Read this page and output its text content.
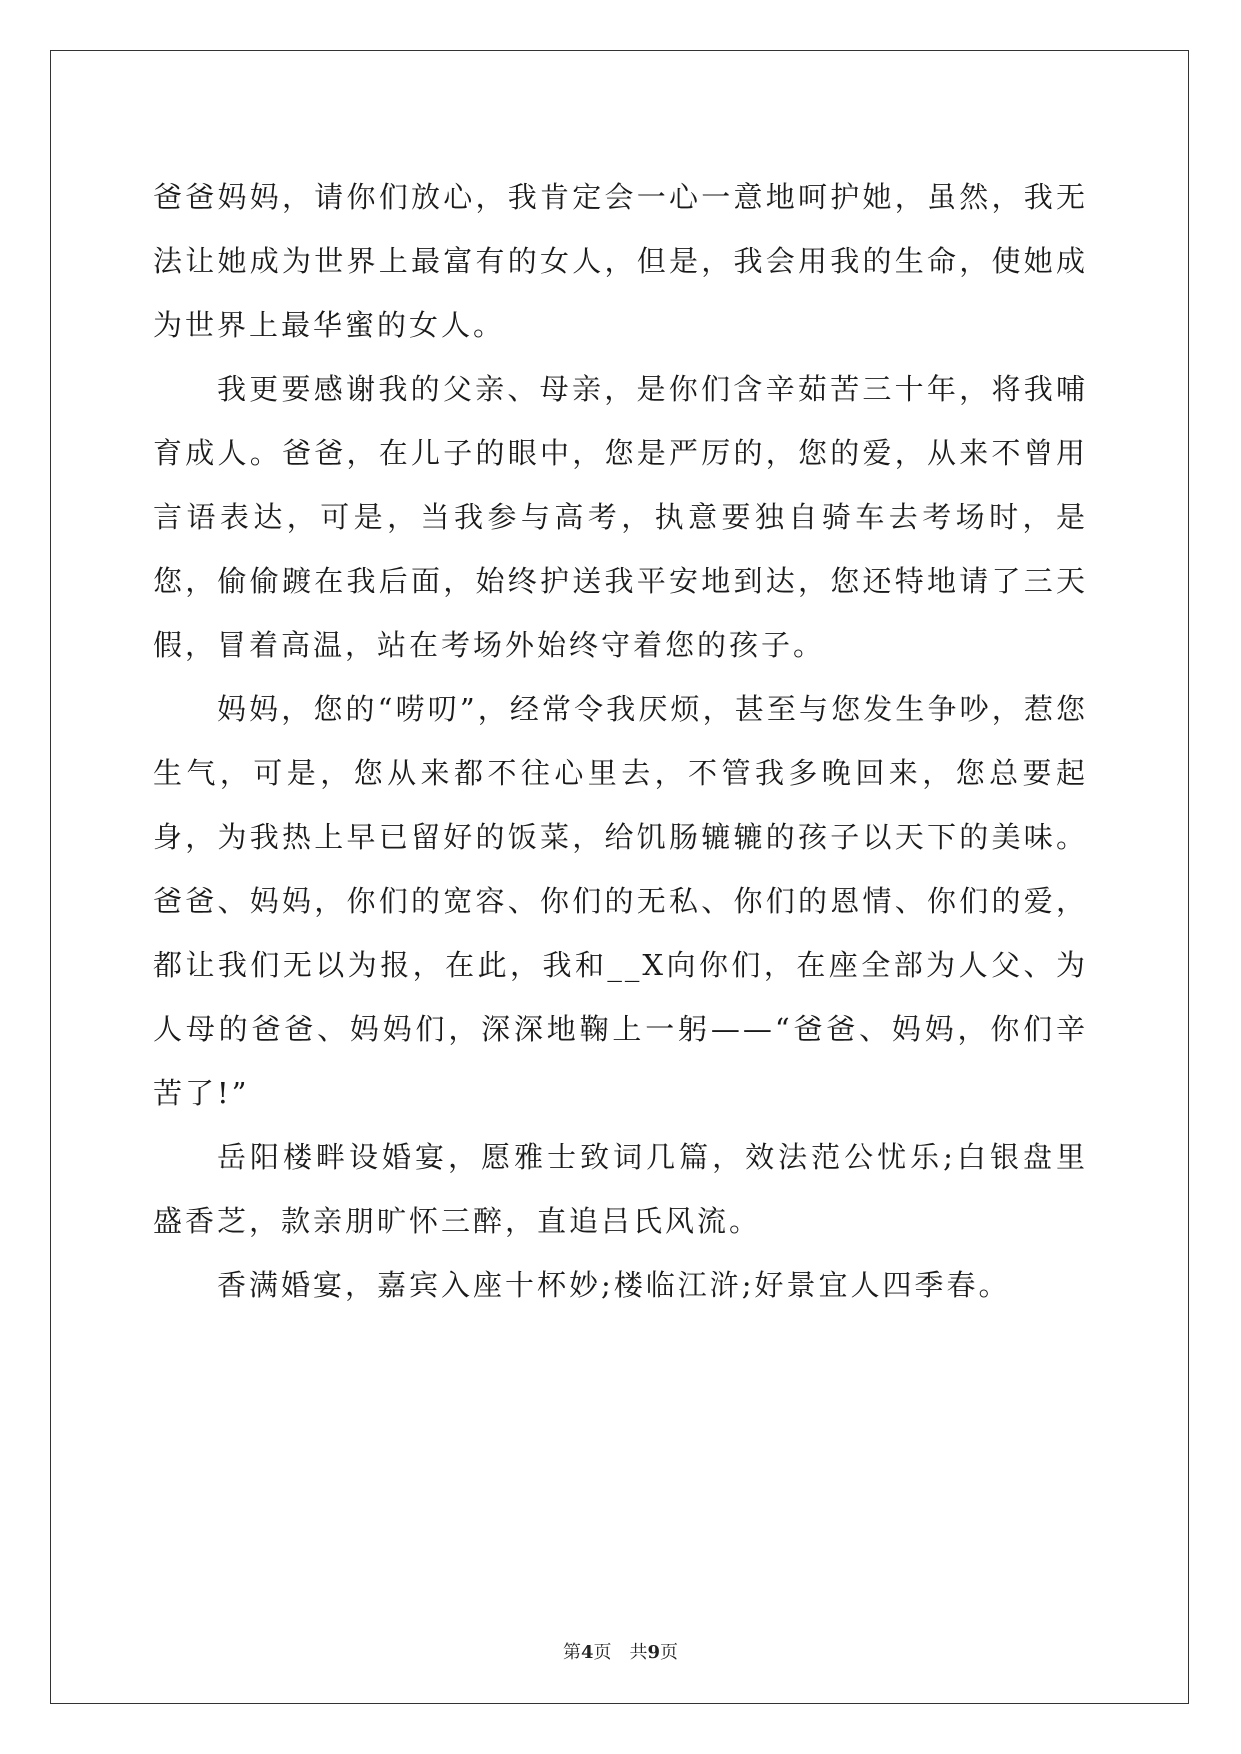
爸爸妈妈，请你们放心，我肯定会一心一意地呵护她，虽然，我无法让她成为世界上最富有的女人，但是，我会用我的生命，使她成为世界上最华蜜的女人。

我更要感谢我的父亲、母亲，是你们含辛茹苦三十年，将我哺育成人。爸爸，在儿子的眼中，您是严厉的，您的爱，从来不曾用言语表达，可是，当我参与高考，执意要独自骑车去考场时，是您，偷偷踱在我后面，始终护送我平安地到达，您还特地请了三天假，冒着高温，站在考场外始终守着您的孩子。

妈妈，您的“唠叨”，经常令我厌烦，甚至与您发生争吵，惹您生气，可是，您从来都不往心里去，不管我多晚回来，您总要起身，为我热上早已留好的饭菜，给饥肠辘辘的孩子以天下的美味。爸爸、妈妈，你们的宽容、你们的无私、你们的恩情、你们的爱，都让我们无以为报，在此，我和__X向你们，在座全部为人父、为人母的爸爸、妈妈们，深深地鞠上一躬——“爸爸、妈妈，你们辛苦了!”

岳阳楼畔设婚宴，愿雅士致词几篇，效法范公忧乐;白银盘里盛香芝，款亲朋旷怀三醉，直追吕氏风流。

香满婚宴，嘉宾入座十杯妙;楼临江浒;好景宜人四季春。

第4页 共9页
